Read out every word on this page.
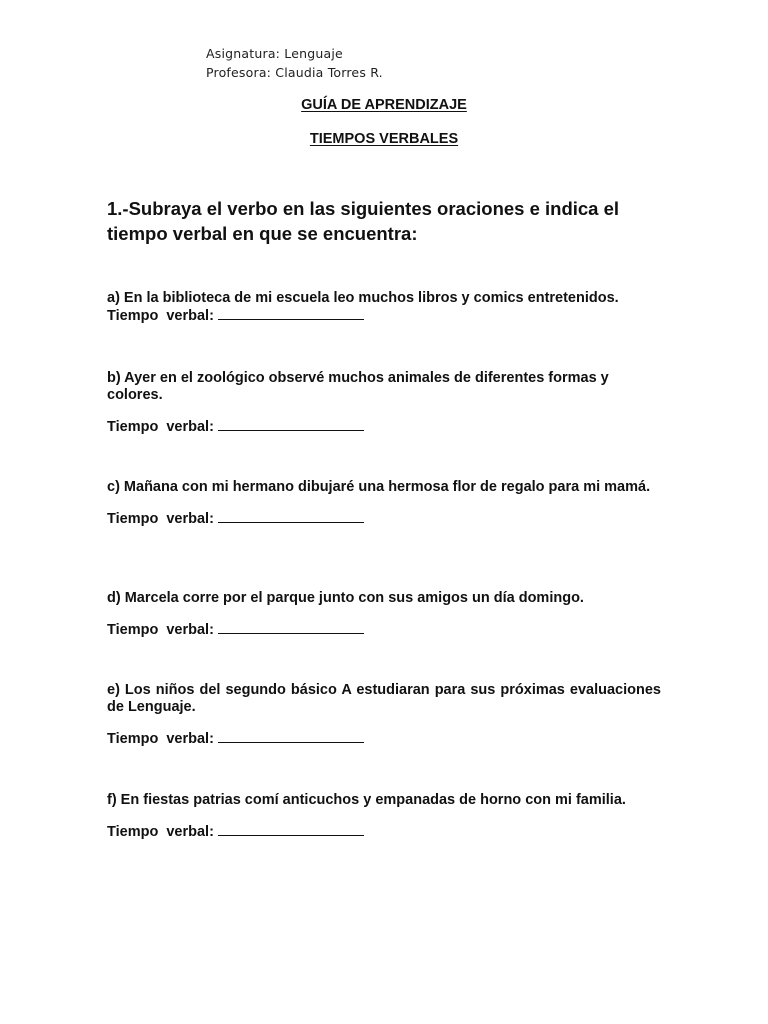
Asignatura: Lenguaje
Profesora: Claudia Torres R.
GUÍA DE APRENDIZAJE
TIEMPOS VERBALES
1.-Subraya el verbo en las siguientes oraciones e indica el tiempo verbal en que se encuentra:
a) En la biblioteca de mi escuela leo muchos libros y comics entretenidos.
Tiempo  verbal:
b) Ayer en el zoológico observé muchos animales de diferentes formas y colores.
Tiempo  verbal:
c) Mañana con mi hermano dibujaré una hermosa flor de regalo para mi mamá.
Tiempo  verbal:
d) Marcela corre por el parque junto con sus amigos un día domingo.
Tiempo  verbal:
e) Los niños del segundo básico A estudiaran para sus próximas evaluaciones de Lenguaje.
Tiempo  verbal:
f) En fiestas patrias comí anticuchos y empanadas de horno con mi familia.
Tiempo  verbal:
